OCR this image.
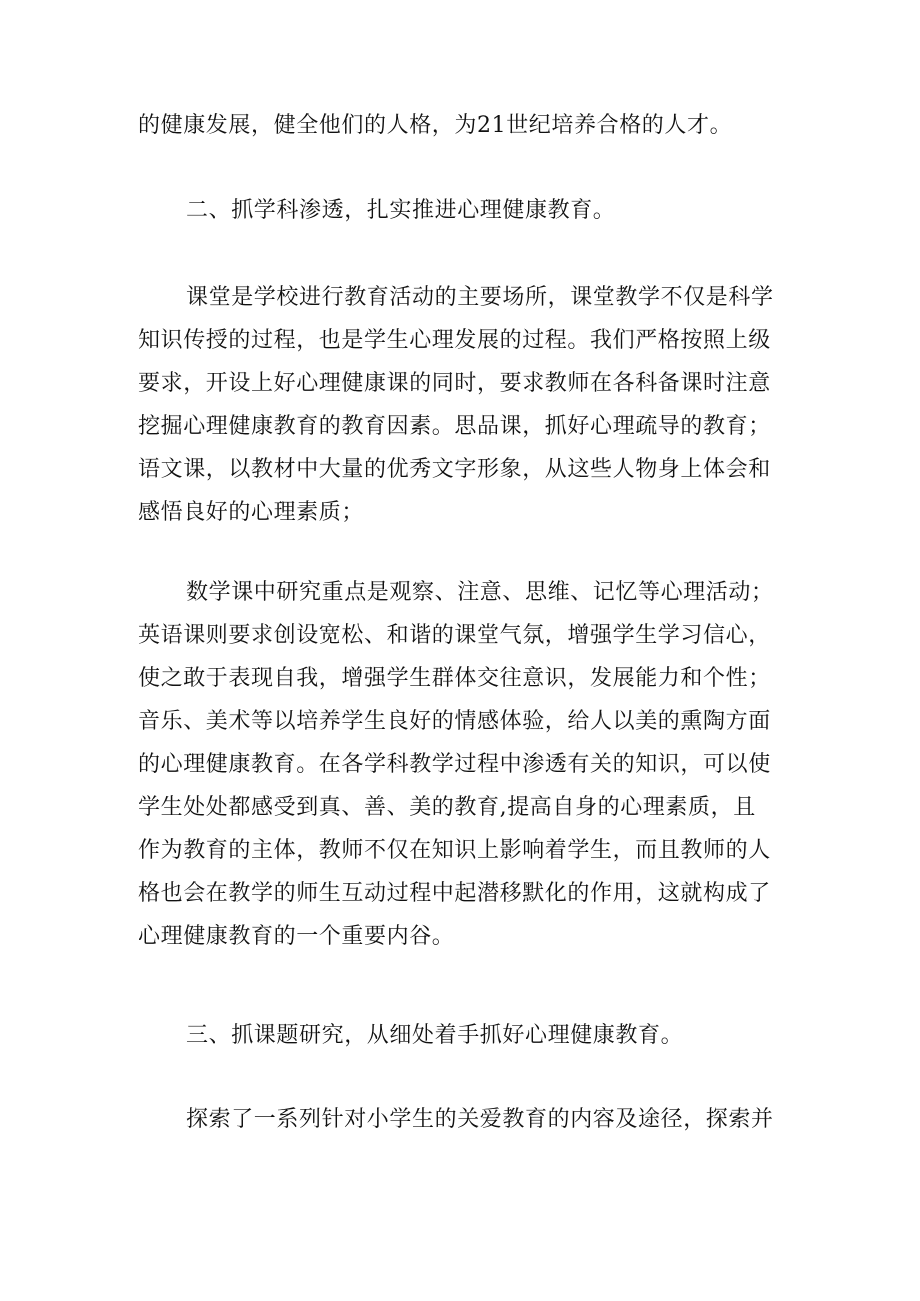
的健康发展，健全他们的人格，为21世纪培养合格的人才。
二、抓学科渗透，扎实推进心理健康教育。
课堂是学校进行教育活动的主要场所，课堂教学不仅是科学
知识传授的过程，也是学生心理发展的过程。我们严格按照上级
要求，开设上好心理健康课的同时，要求教师在各科备课时注意
挖掘心理健康教育的教育因素。思品课，抓好心理疏导的教育；
语文课，以教材中大量的优秀文字形象，从这些人物身上体会和
感悟良好的心理素质；
数学课中研究重点是观察、注意、思维、记忆等心理活动；
英语课则要求创设宽松、和谐的课堂气氛，增强学生学习信心，
使之敢于表现自我，增强学生群体交往意识，发展能力和个性；
音乐、美术等以培养学生良好的情感体验，给人以美的熏陶方面
的心理健康教育。在各学科教学过程中渗透有关的知识，可以使
学生处处都感受到真、善、美的教育,提高自身的心理素质，且
作为教育的主体，教师不仅在知识上影响着学生，而且教师的人
格也会在教学的师生互动过程中起潜移默化的作用，这就构成了
心理健康教育的一个重要内谷。
三、抓课题研究，从细处着手抓好心理健康教育。
探索了一系列针对小学生的关爱教育的内容及途径，探索并
